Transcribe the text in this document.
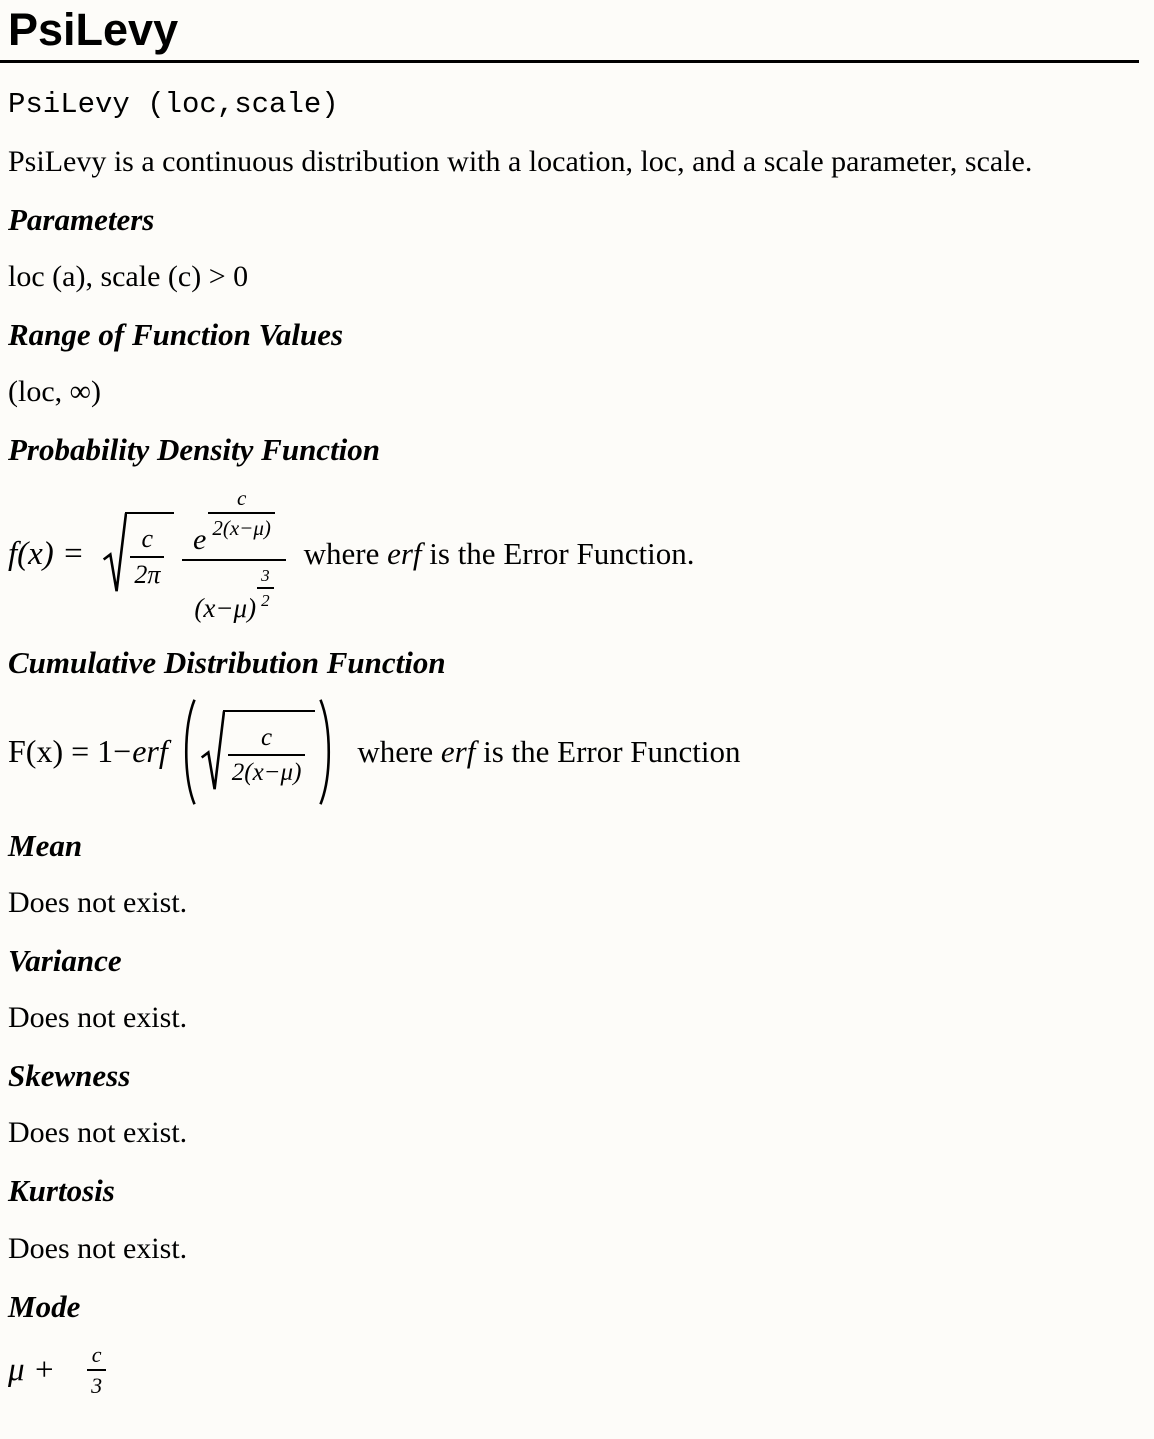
PsiLevy
PsiLevy (loc,scale)

PsiLevy is a continuous distribution with a location, loc, and a scale parameter, scale.

Parameters

loc (a), scale (c) > 0

Range of Function Values

(loc, ∞)

Probability Density Function
$f(x) = \frac{c}{2\pi} \frac{e \frac{c}{2(x-\mu)}}{(x-\mu) \frac{3}{2}}$ where erf is the Error Function.
Cumulative Distribution Function
F(x) = 1− erf $\frac{c}{2(x-\mu)}$ where erf is the Error Function
Mean

Does not exist.

Variance

Does not exist.

Skewness

Does not exist.

Kurtosis

Does not exist.

Mode
$\mu + \frac{c}{3}$
